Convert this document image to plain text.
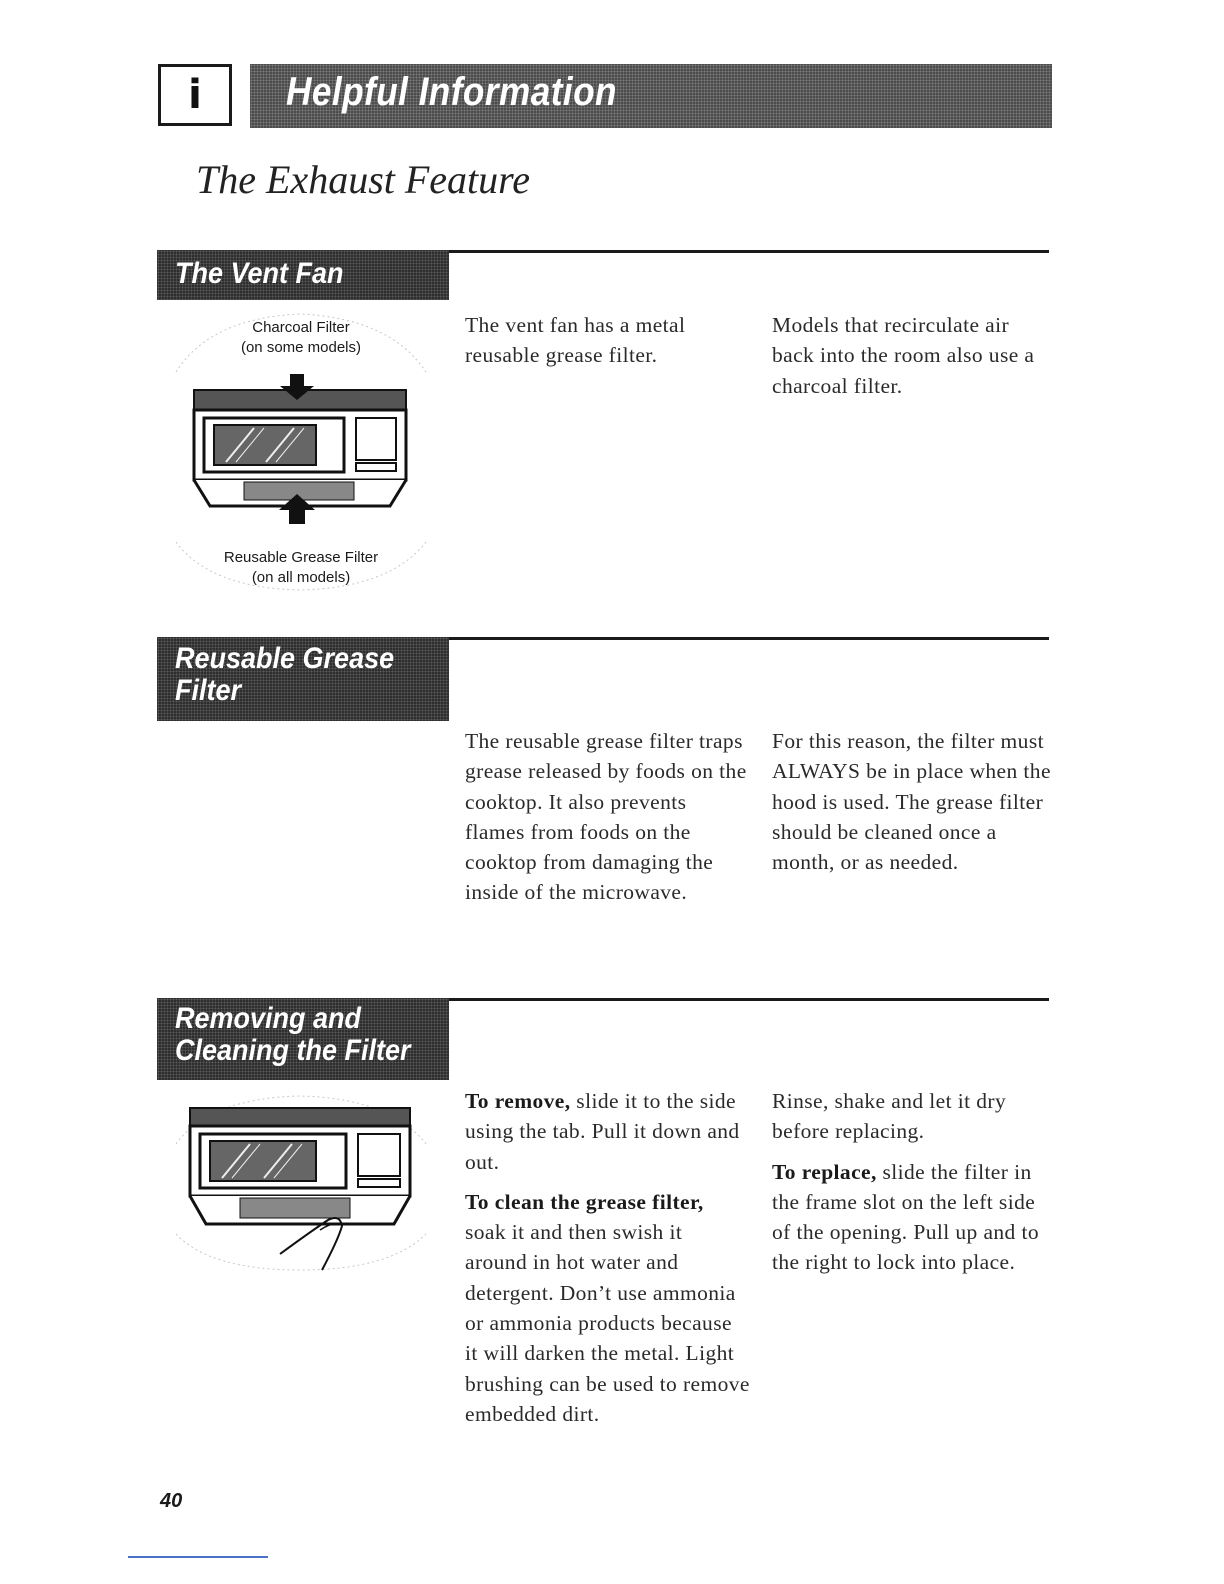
i Helpful Information
The Exhaust Feature
The Vent Fan
Charcoal Filter
(on some models)
Reusable Grease Filter
(on all models)

The vent fan has a metal reusable grease filter.

Models that recirculate air back into the room also use a charcoal filter.

Reusable Grease
Filter

The reusable grease filter traps grease released by foods on the cooktop. It also prevents flames from foods on the cooktop from damaging the inside of the microwave.

For this reason, the filter must ALWAYS be in place when the hood is used. The grease filter should be cleaned once a month, or as needed.

Removing and
Cleaning the Filter

To remove, slide it to the side using the tab. Pull it down and out.

To clean the grease filter, soak it and then swish it around in hot water and detergent. Don’t use ammonia or ammonia products because it will darken the metal. Light brushing can be used to remove embedded dirt.

Rinse, shake and let it dry before replacing.

To replace, slide the filter in the frame slot on the left side of the opening. Pull up and to the right to lock into place.

40
